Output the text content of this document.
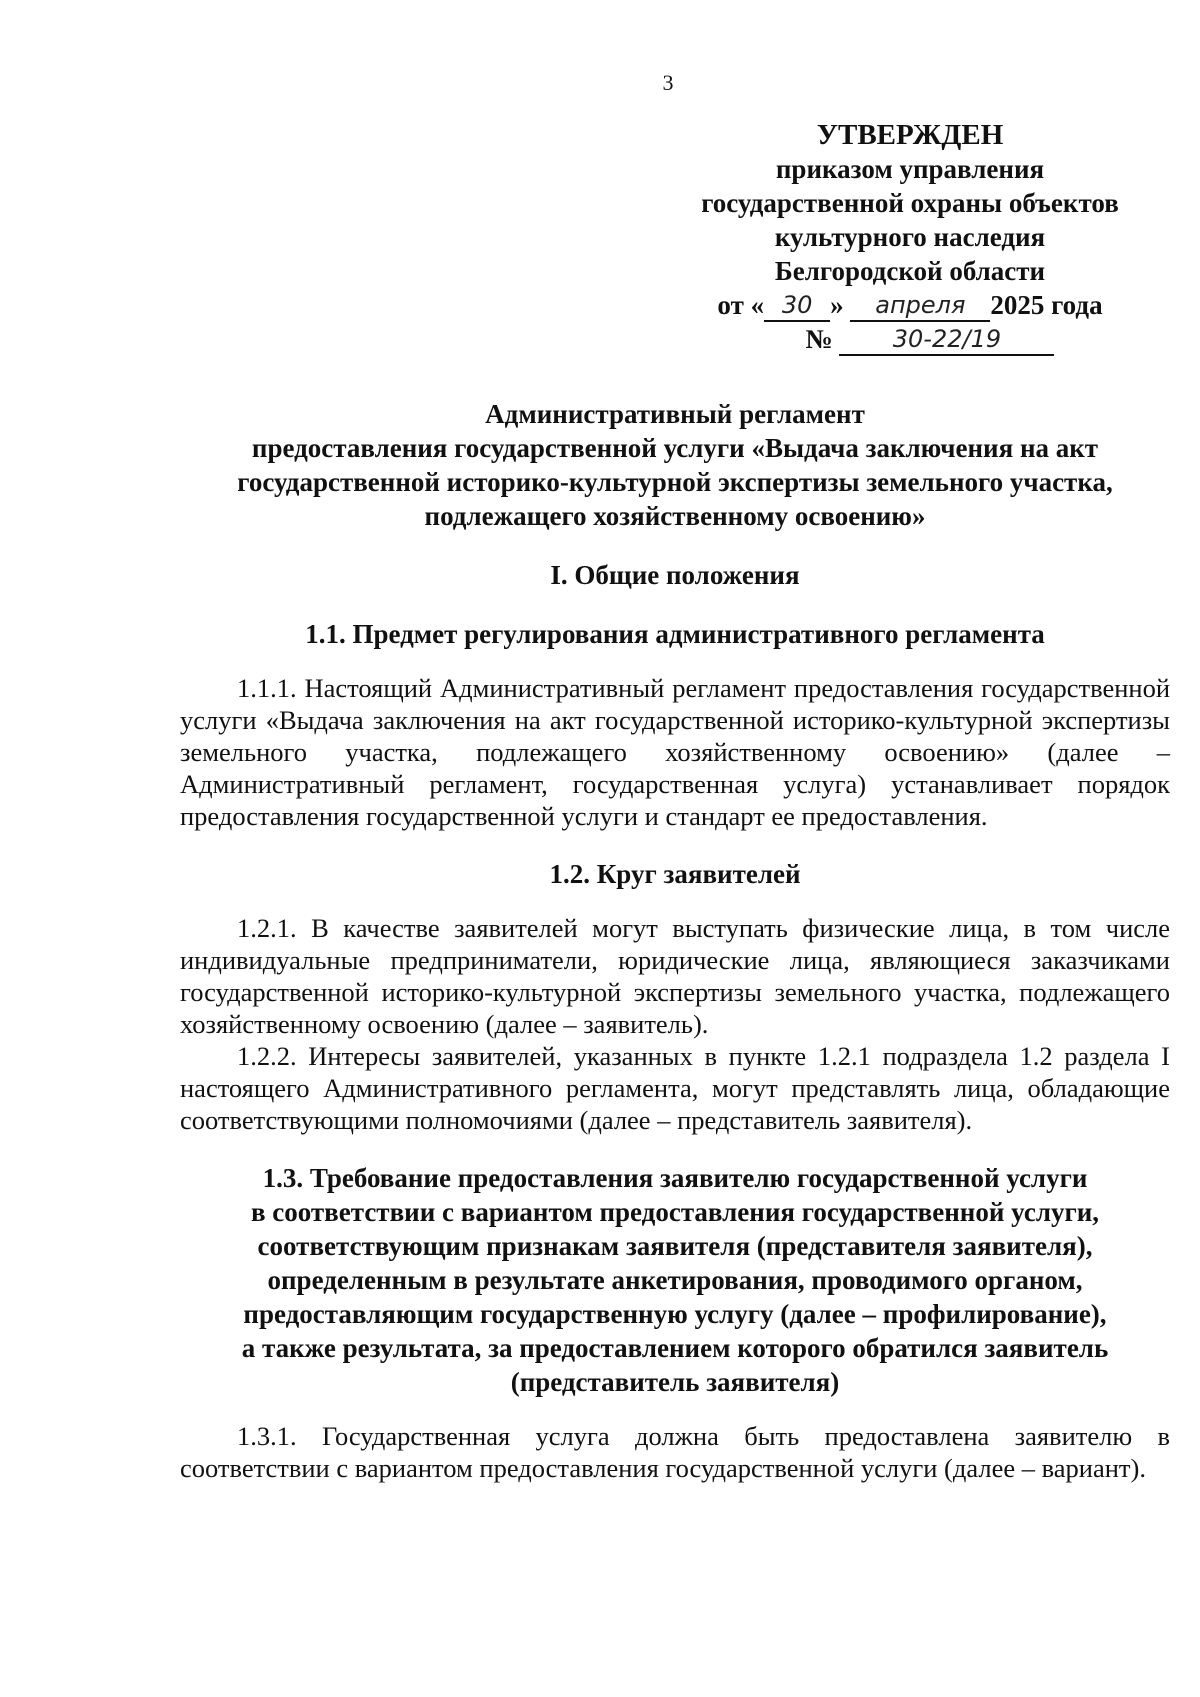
3
УТВЕРЖДЕН
приказом управления
государственной охраны объектов
культурного наследия
Белгородской области
от « 30 » апреля 2025 года
№	30-22/19
Административный регламент
предоставления государственной услуги «Выдача заключения на акт
государственной историко-культурной экспертизы земельного участка,
подлежащего хозяйственному освоению»
I. Общие положения
1.1. Предмет регулирования административного регламента

1.1.1. Настоящий Административный регламент предоставления государственной услуги «Выдача заключения на акт государственной историко-культурной экспертизы земельного участка, подлежащего хозяйственному освоению» (далее – Административный регламент, государственная услуга) устанавливает порядок предоставления государственной услуги и стандарт ее предоставления.

1.2. Круг заявителей

1.2.1. В качестве заявителей могут выступать физические лица, в том числе индивидуальные предприниматели, юридические лица, являющиеся заказчиками государственной историко-культурной экспертизы земельного участка, подлежащего хозяйственному освоению (далее – заявитель).

1.2.2. Интересы заявителей, указанных в пункте 1.2.1 подраздела 1.2 раздела I настоящего Административного регламента, могут представлять лица, обладающие соответствующими полномочиями (далее – представитель заявителя).

1.3. Требование предоставления заявителю государственной услуги
в соответствии с вариантом предоставления государственной услуги,
соответствующим признакам заявителя (представителя заявителя),
определенным в результате анкетирования, проводимого органом,
предоставляющим государственную услугу (далее – профилирование),
а также результата, за предоставлением которого обратился заявитель
(представитель заявителя)

1.3.1. Государственная услуга должна быть предоставлена заявителю в соответствии с вариантом предоставления государственной услуги (далее – вариант).
